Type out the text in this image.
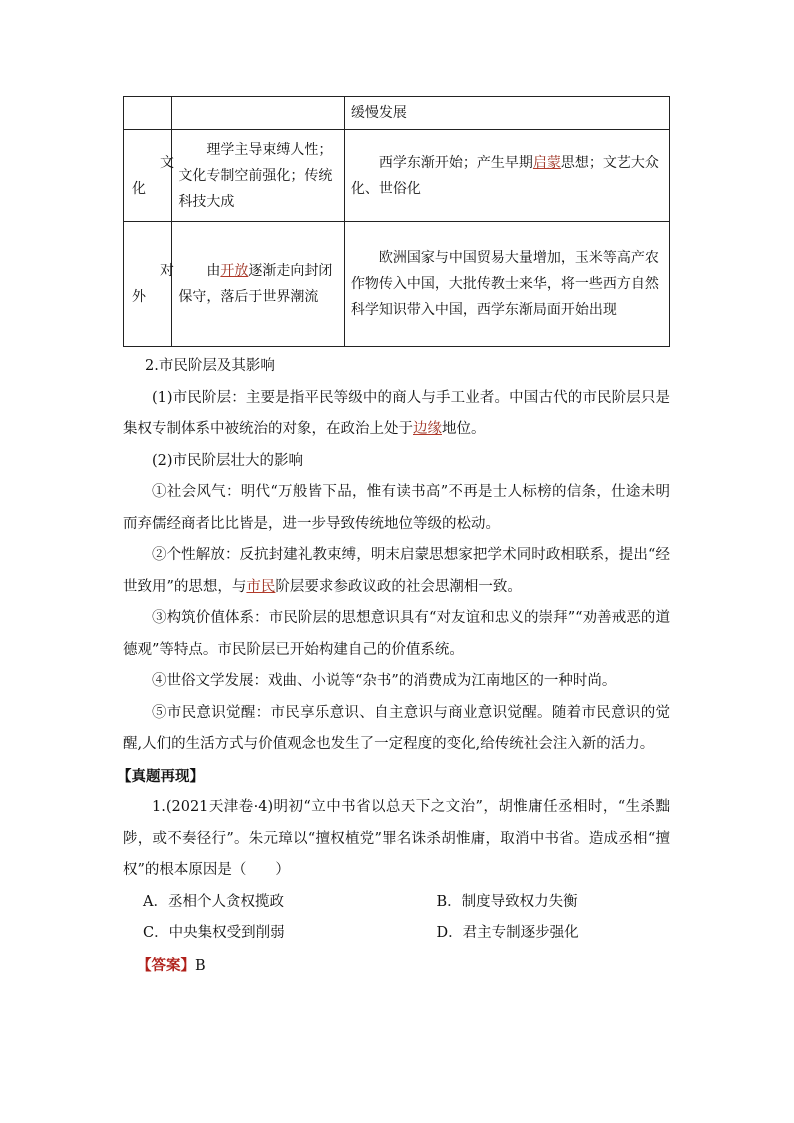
		缓慢发展

文化	理学主导束缚人性；文化专制空前强化；传统科技大成	西学东渐开始；产生早期启蒙思想；文艺大众化、世俗化

对外	由开放逐渐走向封闭保守，落后于世界潮流	欧洲国家与中国贸易大量增加，玉米等高产农作物传入中国，大批传教士来华，将一些西方自然科学知识带入中国，西学东渐局面开始出现

2.市民阶层及其影响

(1)市民阶层：主要是指平民等级中的商人与手工业者。中国古代的市民阶层只是集权专制体系中被统治的对象，在政治上处于边缘地位。

(2)市民阶层壮大的影响

①社会风气：明代“万般皆下品，惟有读书高”不再是士人标榜的信条，仕途未明而弃儒经商者比比皆是，进一步导致传统地位等级的松动。

②个性解放：反抗封建礼教束缚，明末启蒙思想家把学术同时政相联系，提出“经世致用”的思想，与市民阶层要求参政议政的社会思潮相一致。

③构筑价值体系：市民阶层的思想意识具有“对友谊和忠义的崇拜”“劝善戒恶的道德观”等特点。市民阶层已开始构建自己的价值系统。

④世俗文学发展：戏曲、小说等“杂书”的消费成为江南地区的一种时尚。

⑤市民意识觉醒：市民享乐意识、自主意识与商业意识觉醒。随着市民意识的觉醒,人们的生活方式与价值观念也发生了一定程度的变化,给传统社会注入新的活力。

【真题再现】

1.(2021天津卷·4)明初“立中书省以总天下之文治”，胡惟庸任丞相时，“生杀黜陟，或不奏径行”。朱元璋以“擅权植党”罪名诛杀胡惟庸，取消中书省。造成丞相“擅权”的根本原因是（　　）

A．丞相个人贪权揽政	B．制度导致权力失衡
C．中央集权受到削弱	D．君主专制逐步强化

【答案】B
